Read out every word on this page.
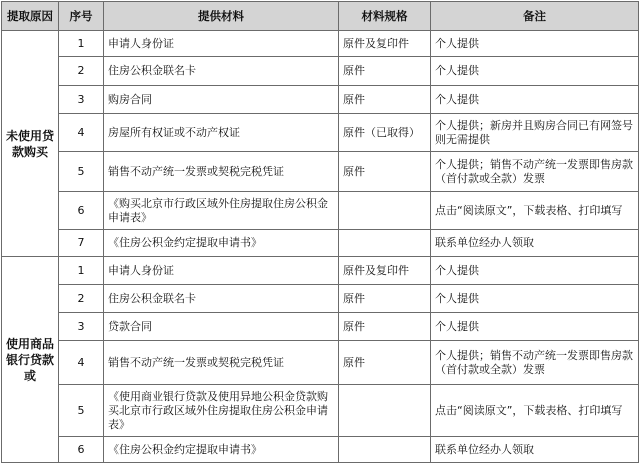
提取原因	序号	提供材料	材料规格	备注
未使用贷款购买	1	申请人身份证	原件及复印件	个人提供
	2	住房公积金联名卡	原件	个人提供
	3	购房合同	原件	个人提供
	4	房屋所有权证或不动产权证	原件（已取得）	个人提供；新房并且购房合同已有网签号则无需提供
	5	销售不动产统一发票或契税完税凭证	原件	个人提供；销售不动产统一发票即售房款（首付款或全款）发票
	6	《购买北京市行政区域外住房提取住房公积金申请表》		点击“阅读原文”，下载表格、打印填写
	7	《住房公积金约定提取申请书》		联系单位经办人领取
使用商品银行贷款或	1	申请人身份证	原件及复印件	个人提供
	2	住房公积金联名卡	原件	个人提供
	3	贷款合同	原件	个人提供
	4	销售不动产统一发票或契税完税凭证	原件	个人提供；销售不动产统一发票即售房款（首付款或全款）发票
	5	《使用商业银行贷款及使用异地公积金贷款购买北京市行政区域外住房提取住房公积金申请表》		点击“阅读原文”，下载表格、打印填写
	6	《住房公积金约定提取申请书》		联系单位经办人领取
